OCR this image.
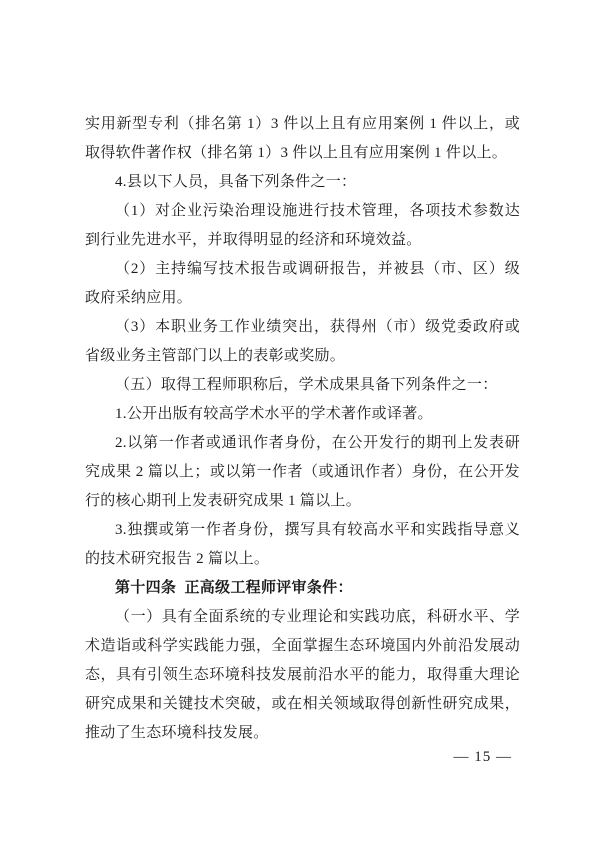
实用新型专利（排名第 1）3 件以上且有应用案例 1 件以上，或取得软件著作权（排名第 1）3 件以上且有应用案例 1 件以上。
4.县以下人员，具备下列条件之一：
（1）对企业污染治理设施进行技术管理，各项技术参数达到行业先进水平，并取得明显的经济和环境效益。
（2）主持编写技术报告或调研报告，并被县（市、区）级政府采纳应用。
（3）本职业务工作业绩突出，获得州（市）级党委政府或省级业务主管部门以上的表彰或奖励。
（五）取得工程师职称后，学术成果具备下列条件之一：
1.公开出版有较高学术水平的学术著作或译著。
2.以第一作者或通讯作者身份，在公开发行的期刊上发表研究成果 2 篇以上；或以第一作者（或通讯作者）身份，在公开发行的核心期刊上发表研究成果 1 篇以上。
3.独撰或第一作者身份，撰写具有较高水平和实践指导意义的技术研究报告 2 篇以上。
第十四条 正高级工程师评审条件：
（一）具有全面系统的专业理论和实践功底，科研水平、学术造诣或科学实践能力强，全面掌握生态环境国内外前沿发展动态，具有引领生态环境科技发展前沿水平的能力，取得重大理论研究成果和关键技术突破，或在相关领域取得创新性研究成果，推动了生态环境科技发展。
— 15 —
